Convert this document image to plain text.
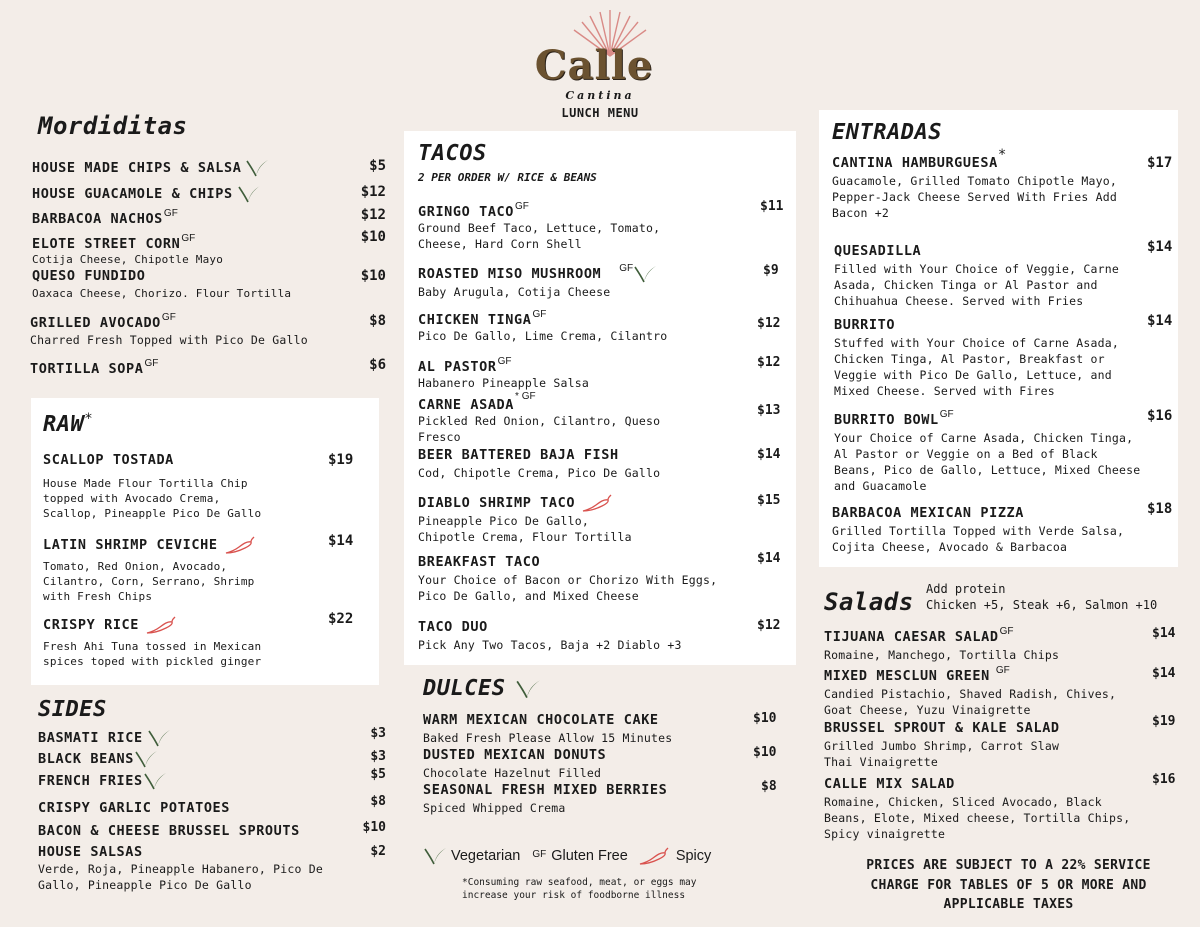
Calle
Cantina
LUNCH MENU
Mordiditas
HOUSE MADE CHIPS & SALSA	$5
HOUSE GUACAMOLE & CHIPS	$12
BARBACOA $NACHOS^{GF}$	$12
ELOTE STREET $CORN^{GF}$
Cotija Cheese, Chipotle Mayo
$10
QUESO FUNDIDO
Oaxaca Cheese, Chorizo. Flour Tortilla
$10
GRILLED $AVOCADO^{GF}$
Charred Fresh Topped with Pico De Gallo
$8
TORTILLA $SOPA^{GF}$	$6
RAW*
SCALLOP TOSTADA
House Made Flour Tortilla Chip topped with Avocado Crema, Scallop, Pineapple Pico De Gallo
$19
LATIN SHRIMP CEVICHE
Tomato, Red Onion, Avocado, Cilantro, Corn, Serrano, Shrimp with Fresh Chips
$14
CRISPY RICE
Fresh Ahi Tuna tossed in Mexican spices toped with pickled ginger
$22
SIDES
BASMATI RICE	$3
BLACK BEANS	$3
FRENCH FRIES	$5
CRISPY GARLIC POTATOES	$8
BACON & CHEESE BRUSSEL SPROUTS	$10
HOUSE SALSAS
Verde, Roja, Pineapple Habanero, Pico De Gallo, Pineapple Pico De Gallo
$2
TACOS
2 PER ORDER W/ RICE & BEANS
GRINGO $TACO^{GF}$
Ground Beef Taco, Lettuce, Tomato, Cheese, Hard Corn Shell
$11
ROASTED MISO MUSHROOM $^{GF}$
Baby Arugula, Cotija Cheese
$9
CHICKEN $TINGA^{GF}$
Pico De Gallo, Lime Crema, Cilantro
$12
AL $PASTOR^{GF}$
Habanero Pineapple Salsa
$12
CARNE $ASADA^{* GF}$
Pickled Red Onion, Cilantro, Queso Fresco
$13
BEER BATTERED BAJA FISH
Cod, Chipotle Crema, Pico De Gallo
$14
DIABLO SHRIMP TACO
Pineapple Pico De Gallo, Chipotle Crema, Flour Tortilla
$15
BREAKFAST TACO
Your Choice of Bacon or Chorizo With Eggs, Pico De Gallo, and Mixed Cheese
$14
TACO DUO
Pick Any Two Tacos, Baja +2 Diablo +3
$12
DULCES
WARM MEXICAN CHOCOLATE CAKE
Baked Fresh Please Allow 15 Minutes
$10
DUSTED MEXICAN DONUTS
Chocolate Hazelnut Filled
$10
SEASONAL FRESH MIXED BERRIES
Spiced Whipped Crema
$8
Vegetarian GF Gluten Free	Spicy
*Consuming raw seafood, meat, or eggs may increase your risk of foodborne illness
ENTRADAS
CANTINA HAMBURGUESA*
Guacamole, Grilled Tomato Chipotle Mayo, Pepper-Jack Cheese Served With Fries Add Bacon +2
$17
QUESADILLA
Filled with Your Choice of Veggie, Carne Asada, Chicken Tinga or Al Pastor and Chihuahua Cheese. Served with Fries
$14
BURRITO
Stuffed with Your Choice of Carne Asada, Chicken Tinga, Al Pastor, Breakfast or Veggie with Pico De Gallo, Lettuce, and Mixed Cheese. Served with Fires
$14
BURRITO $BOWL^{GF}$
Your Choice of Carne Asada, Chicken Tinga, Al Pastor or Veggie on a Bed of Black Beans, Pico de Gallo, Lettuce, Mixed Cheese and Guacamole
$16
BARBACOA MEXICAN PIZZA
Grilled Tortilla Topped with Verde Salsa, Cojita Cheese, Avocado & Barbacoa
$18
Salads Add protein
Chicken +5, Steak +6, Salmon +10
TIJUANA CAESAR $SALAD^{GF}$
Romaine, Manchego, Tortilla Chips
$14
MIXED MESCLUN GREEN $^{GF}$
Candied Pistachio, Shaved Radish, Chives, Goat Cheese, Yuzu Vinaigrette
$14
BRUSSEL SPROUT & KALE SALAD
Grilled Jumbo Shrimp, Carrot Slaw Thai Vinaigrette
$19
CALLE MIX SALAD
Romaine, Chicken, Sliced Avocado, Black Beans, Elote, Mixed cheese, Tortilla Chips, Spicy vinaigrette
$16
PRICES ARE SUBJECT TO A 22% SERVICE CHARGE FOR TABLES OF 5 OR MORE AND APPLICABLE TAXES
